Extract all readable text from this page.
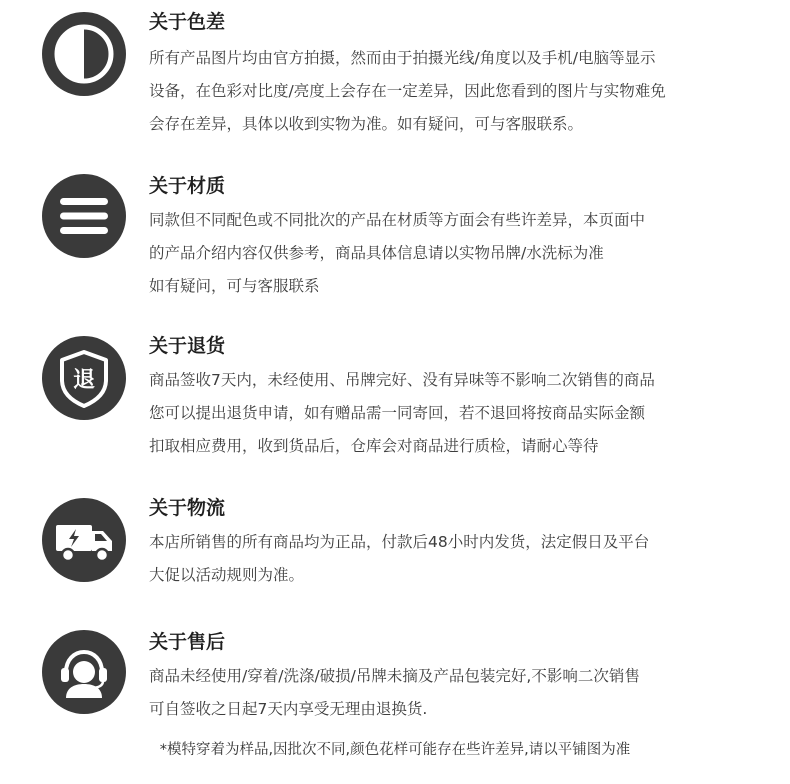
关于色差

所有产品图片均由官方拍摄，然而由于拍摄光线/角度以及手机/电脑等显示

设备，在色彩对比度/亮度上会存在一定差异，因此您看到的图片与实物难免

会存在差异，具体以收到实物为准。如有疑问，可与客服联系。

关于材质

同款但不同配色或不同批次的产品在材质等方面会有些许差异，本页面中

的产品介绍内容仅供参考，商品具体信息请以实物吊牌/水洗标为准

如有疑问，可与客服联系

退
关于退货

商品签收7天内，未经使用、吊牌完好、没有异味等不影响二次销售的商品

您可以提出退货申请，如有赠品需一同寄回，若不退回将按商品实际金额

扣取相应费用，收到货品后，仓库会对商品进行质检，请耐心等待

关于物流

本店所销售的所有商品均为正品，付款后48小时内发货，法定假日及平台

大促以活动规则为准。

关于售后

商品未经使用/穿着/洗涤/破损/吊牌未摘及产品包装完好,不影响二次销售

可自签收之日起7天内享受无理由退换货.

*模特穿着为样品,因批次不同,颜色花样可能存在些许差异,请以平铺图为准
